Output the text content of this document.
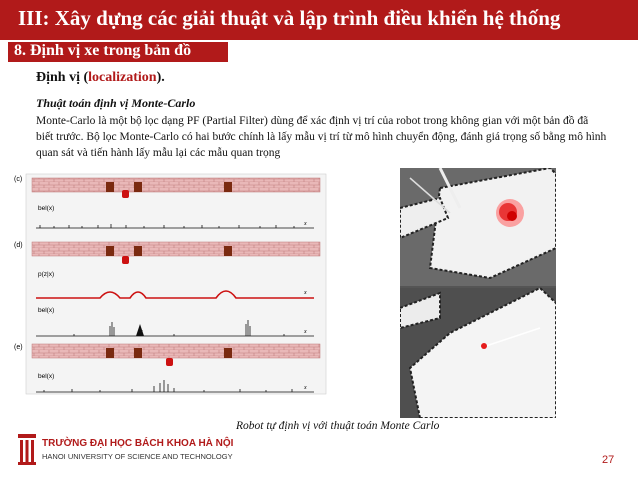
III: Xây dựng các giải thuật và lập trình điều khiển hệ thống
8. Định vị xe trong bản đồ
Định vị (localization).
Thuật toán định vị Monte-Carlo
Monte-Carlo là một bộ lọc dạng PF (Partial Filter) dùng để xác định vị trí của robot trong không gian với một bản đồ đã biết trước. Bộ lọc Monte-Carlo có hai bước chính là lấy mẫu vị trí từ mô hình chuyển động, đánh giá trọng số bằng mô hình quan sát và tiến hành lấy mẫu lại các mẫu quan trọng
(c)
bel(x)
x
(d)
p(z|x)
x
bel(x)
x
(e)
bel(x)
x
Robot tự định vị với thuật toán Monte Carlo
TRƯỜNG ĐẠI HỌC BÁCH KHOA HÀ NỘI
HANOI UNIVERSITY OF SCIENCE AND TECHNOLOGY	27
